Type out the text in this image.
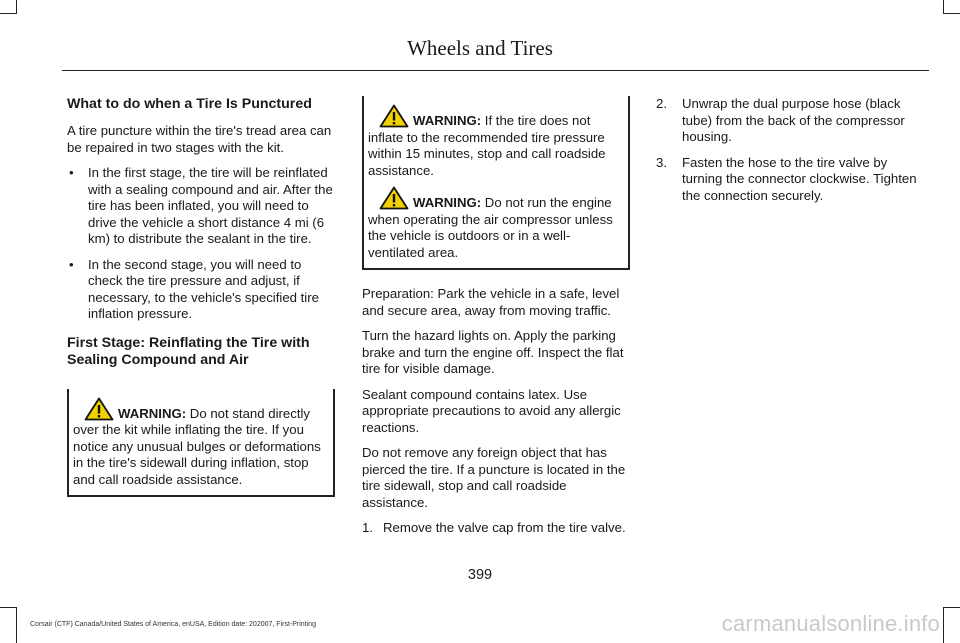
Wheels and Tires
What to do when a Tire Is Punctured

A tire puncture within the tire's tread area can be repaired in two stages with the kit.

• In the first stage, the tire will be reinflated with a sealing compound and air. After the tire has been inflated, you will need to drive the vehicle a short distance 4 mi (6 km) to distribute the sealant in the tire.
• In the second stage, you will need to check the tire pressure and adjust, if necessary, to the vehicle's specified tire inflation pressure.
First Stage: Reinflating the Tire with Sealing Compound and Air

WARNING: Do not stand directly over the kit while inflating the tire. If you notice any unusual bulges or deformations in the tire's sidewall during inflation, stop and call roadside assistance.

WARNING: If the tire does not inflate to the recommended tire pressure within 15 minutes, stop and call roadside assistance.

WARNING: Do not run the engine when operating the air compressor unless the vehicle is outdoors or in a well-ventilated area.

Preparation: Park the vehicle in a safe, level and secure area, away from moving traffic.

Turn the hazard lights on. Apply the parking brake and turn the engine off. Inspect the flat tire for visible damage.

Sealant compound contains latex. Use appropriate precautions to avoid any allergic reactions.

Do not remove any foreign object that has pierced the tire. If a puncture is located in the tire sidewall, stop and call roadside assistance.

1. Remove the valve cap from the tire valve.
2. Unwrap the dual purpose hose (black tube) from the back of the compressor housing.
3. Fasten the hose to the tire valve by turning the connector clockwise. Tighten the connection securely.
399
Corsair (CTF) Canada/United States of America, enUSA, Edition date: 202007, First-Printing	carmanualsonline.info
